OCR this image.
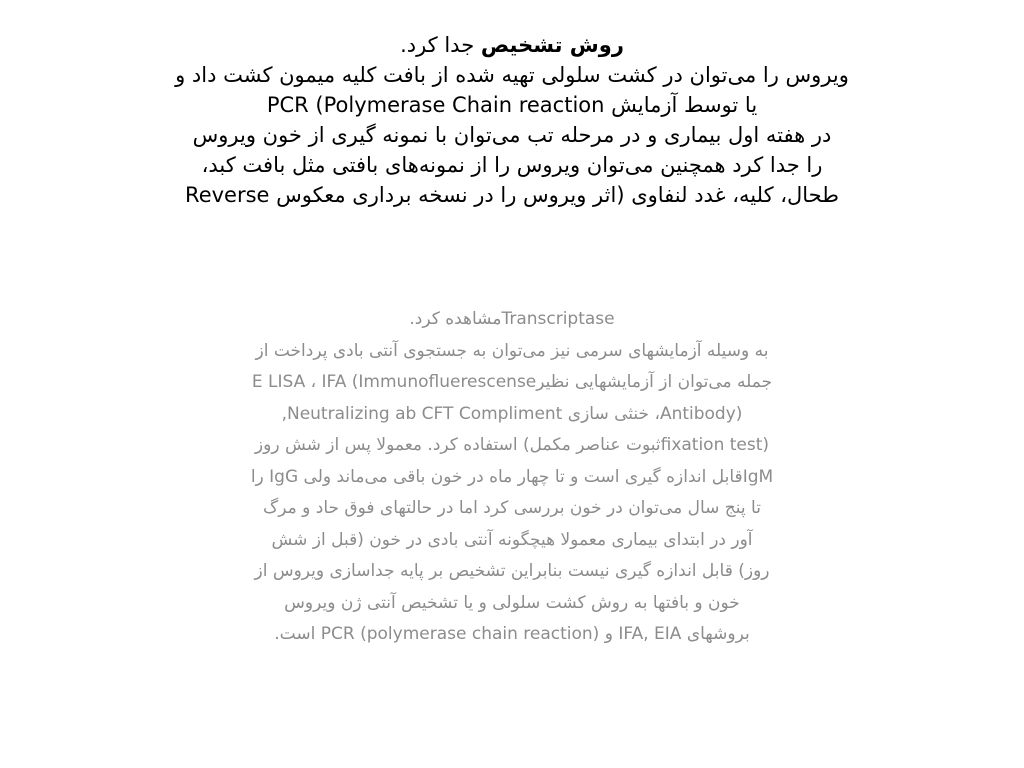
روش تشخیص جدا کرد.
ویروس را می‌توان در کشت سلولی تهیه شده از بافت کلیه میمون کشت داد و
یا توسط آزمایش PCR (Polymerase Chain reaction
در هفته اول بیماری و در مرحله تب می‌توان با نمونه گیری از خون ویروس
را جدا کرد همچنین می‌توان ویروس را از نمونه‌های بافتی مثل بافت کبد،
طحال، کلیه، غدد لنفاوی (اثر ویروس را در نسخه برداری معکوس Reverse
Transcriptaseمشاهده کرد.
به وسیله آزمایشهای سرمی نیز می‌توان به جستجوی آنتی بادی پرداخت از
جمله می‌توان از آزمایشهایی نظیرE LISA ، IFA (Immunofluerescense
(Antibody، خنثی سازی Neutralizing ab CFT Compliment,
(fixation testثبوت عناصر مکمل) استفاده کرد. معمولا پس از شش روز
IgMقابل اندازه گیری است و تا چهار ماه در خون باقی می‌ماند ولی IgG را
تا پنج سال می‌توان در خون بررسی کرد اما در حالتهای فوق حاد و مرگ
آور در ابتدای بیماری معمولا هیچگونه آنتی بادی در خون (قبل از شش
روز) قابل اندازه گیری نیست بنابراین تشخیص بر پایه جداسازی ویروس از
خون و بافتها به روش کشت سلولی و یا تشخیص آنتی ژن ویروس
بروشهای IFA, EIA و PCR (polymerase chain reaction) است.
